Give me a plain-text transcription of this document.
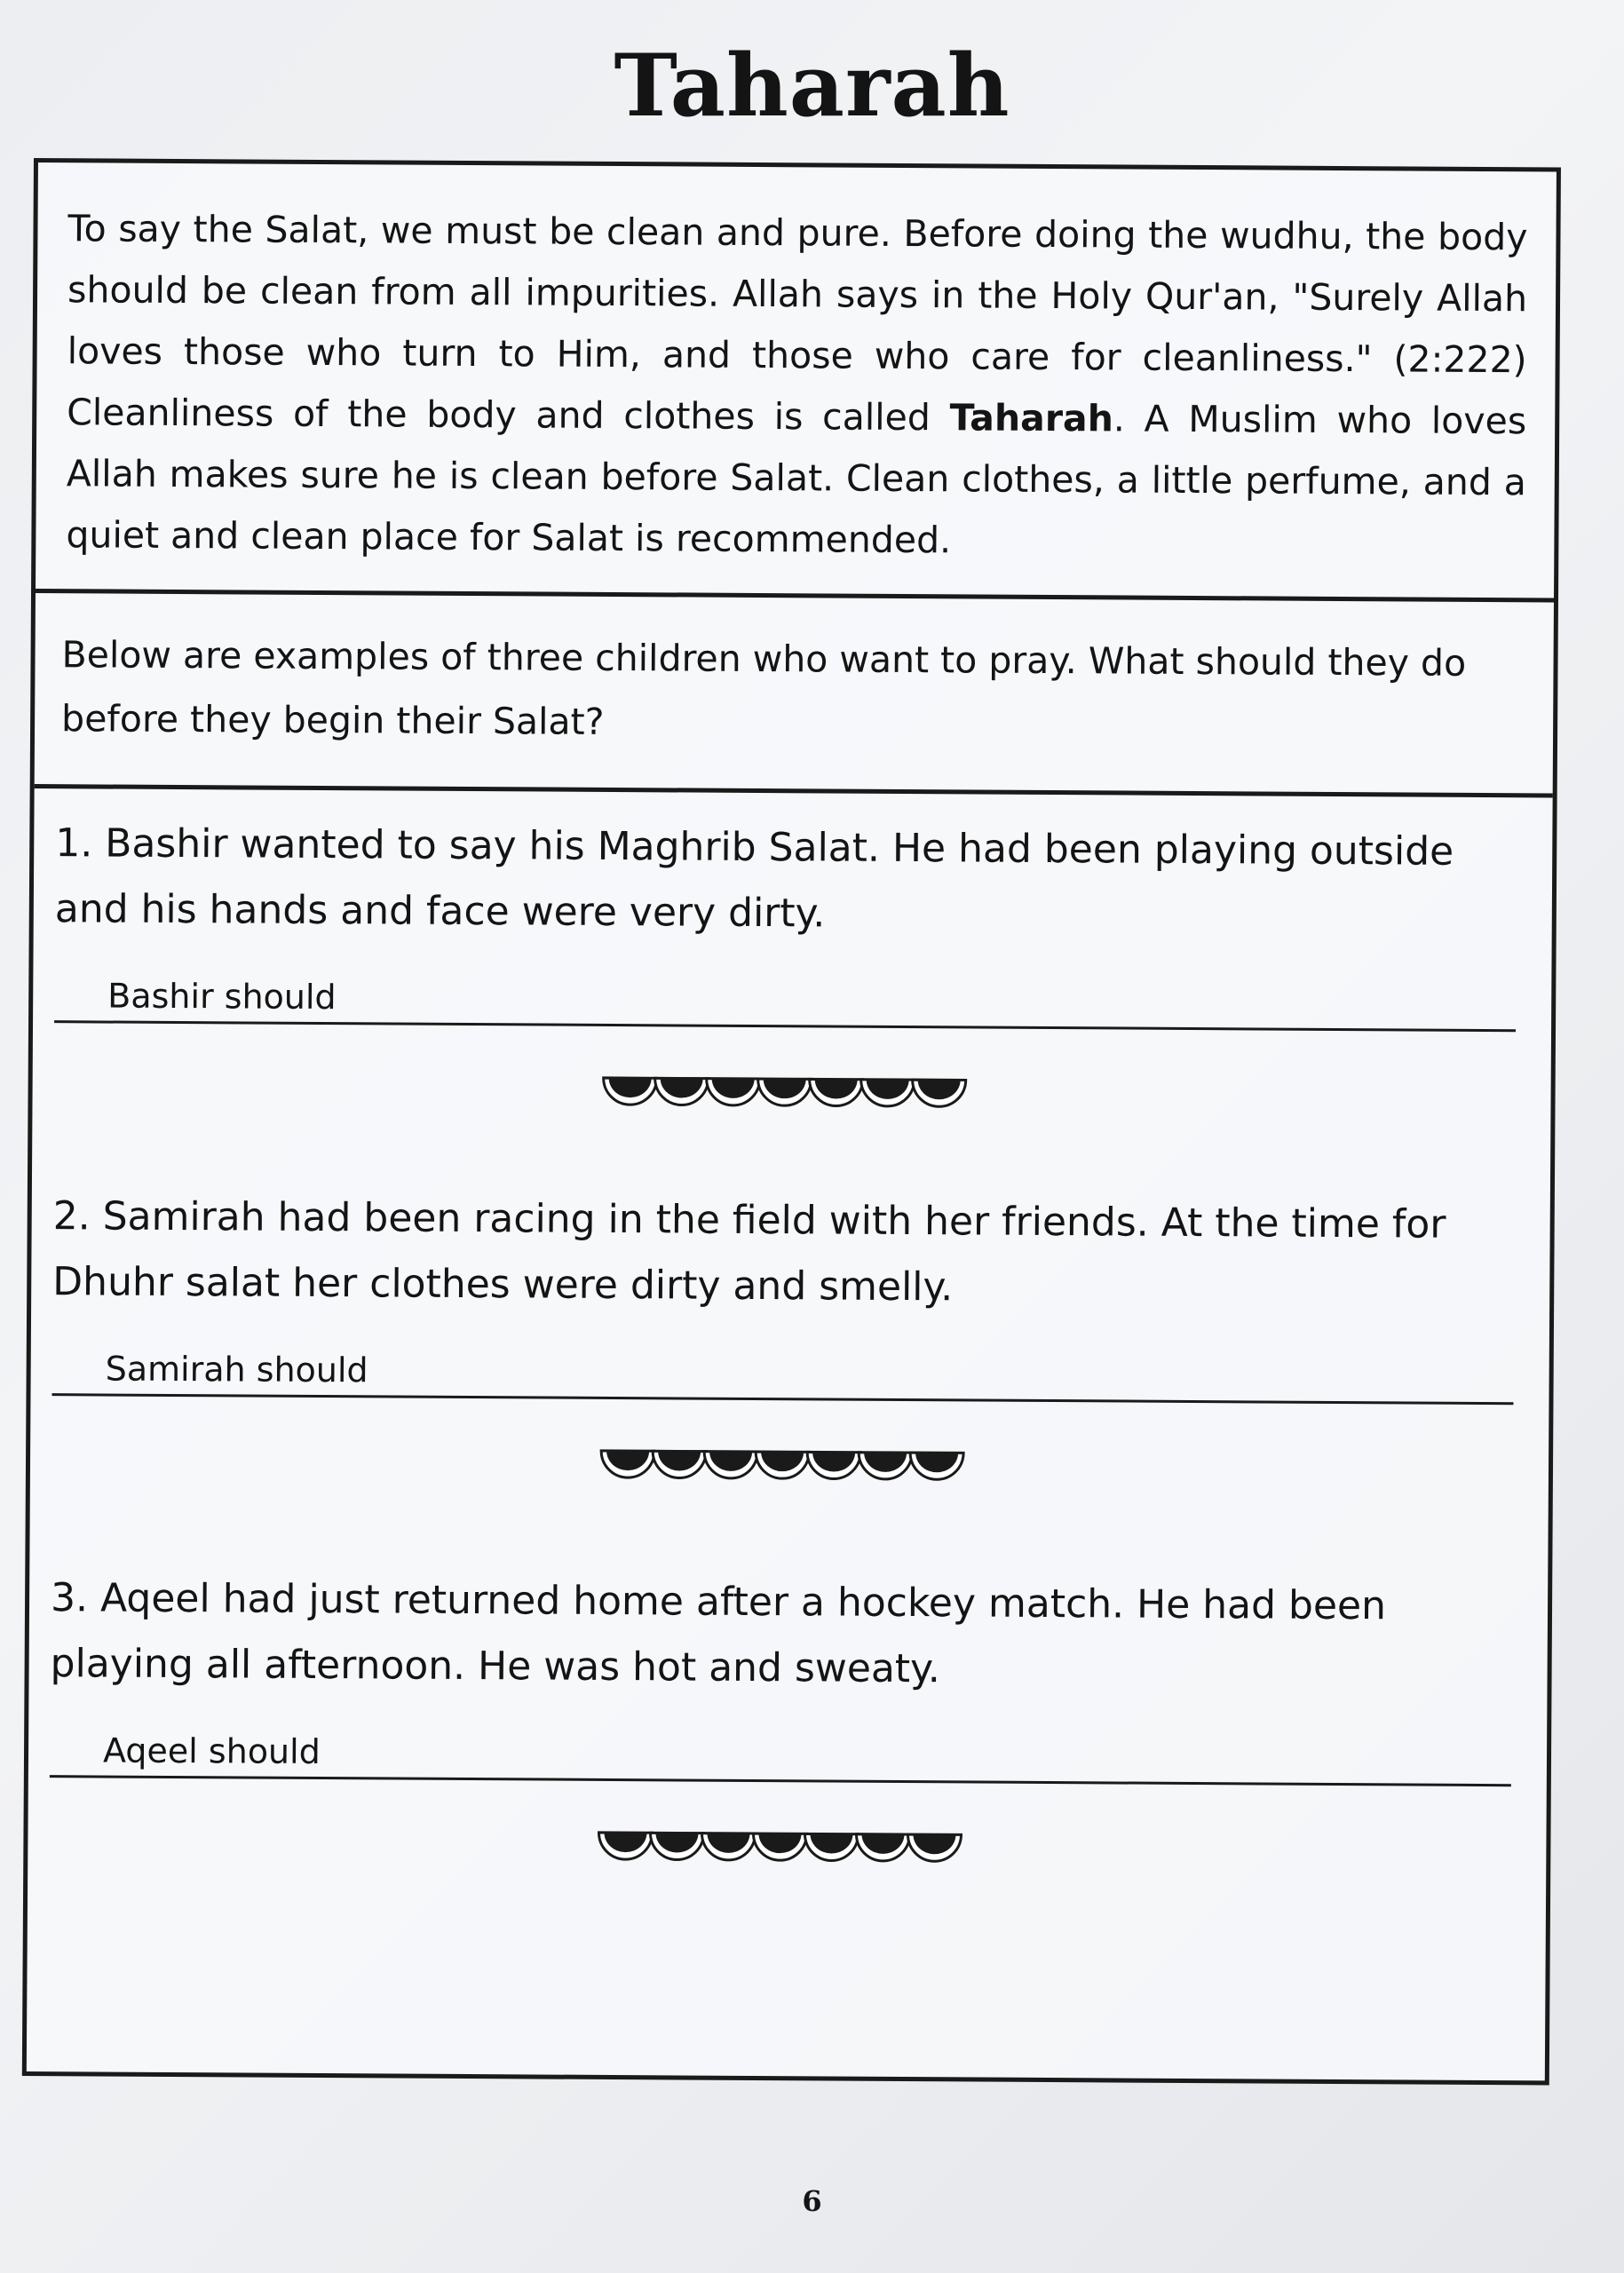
Taharah

To say the Salat, we must be clean and pure. Before doing the wudhu, the body should be clean from all impurities. Allah says in the Holy Qur'an, "Surely Allah loves those who turn to Him, and those who care for cleanliness." (2:222) Cleanliness of the body and clothes is called Taharah. A Muslim who loves Allah makes sure he is clean before Salat. Clean clothes, a little perfume, and a quiet and clean place for Salat is recommended.

Below are examples of three children who want to pray. What should they do before they begin their Salat?

1. Bashir wanted to say his Maghrib Salat. He had been playing outside and his hands and face were very dirty.

Bashir should

2. Samirah had been racing in the field with her friends. At the time for Dhuhr salat her clothes were dirty and smelly.

Samirah should

3. Aqeel had just returned home after a hockey match. He had been playing all afternoon. He was hot and sweaty.

Aqeel should
6
